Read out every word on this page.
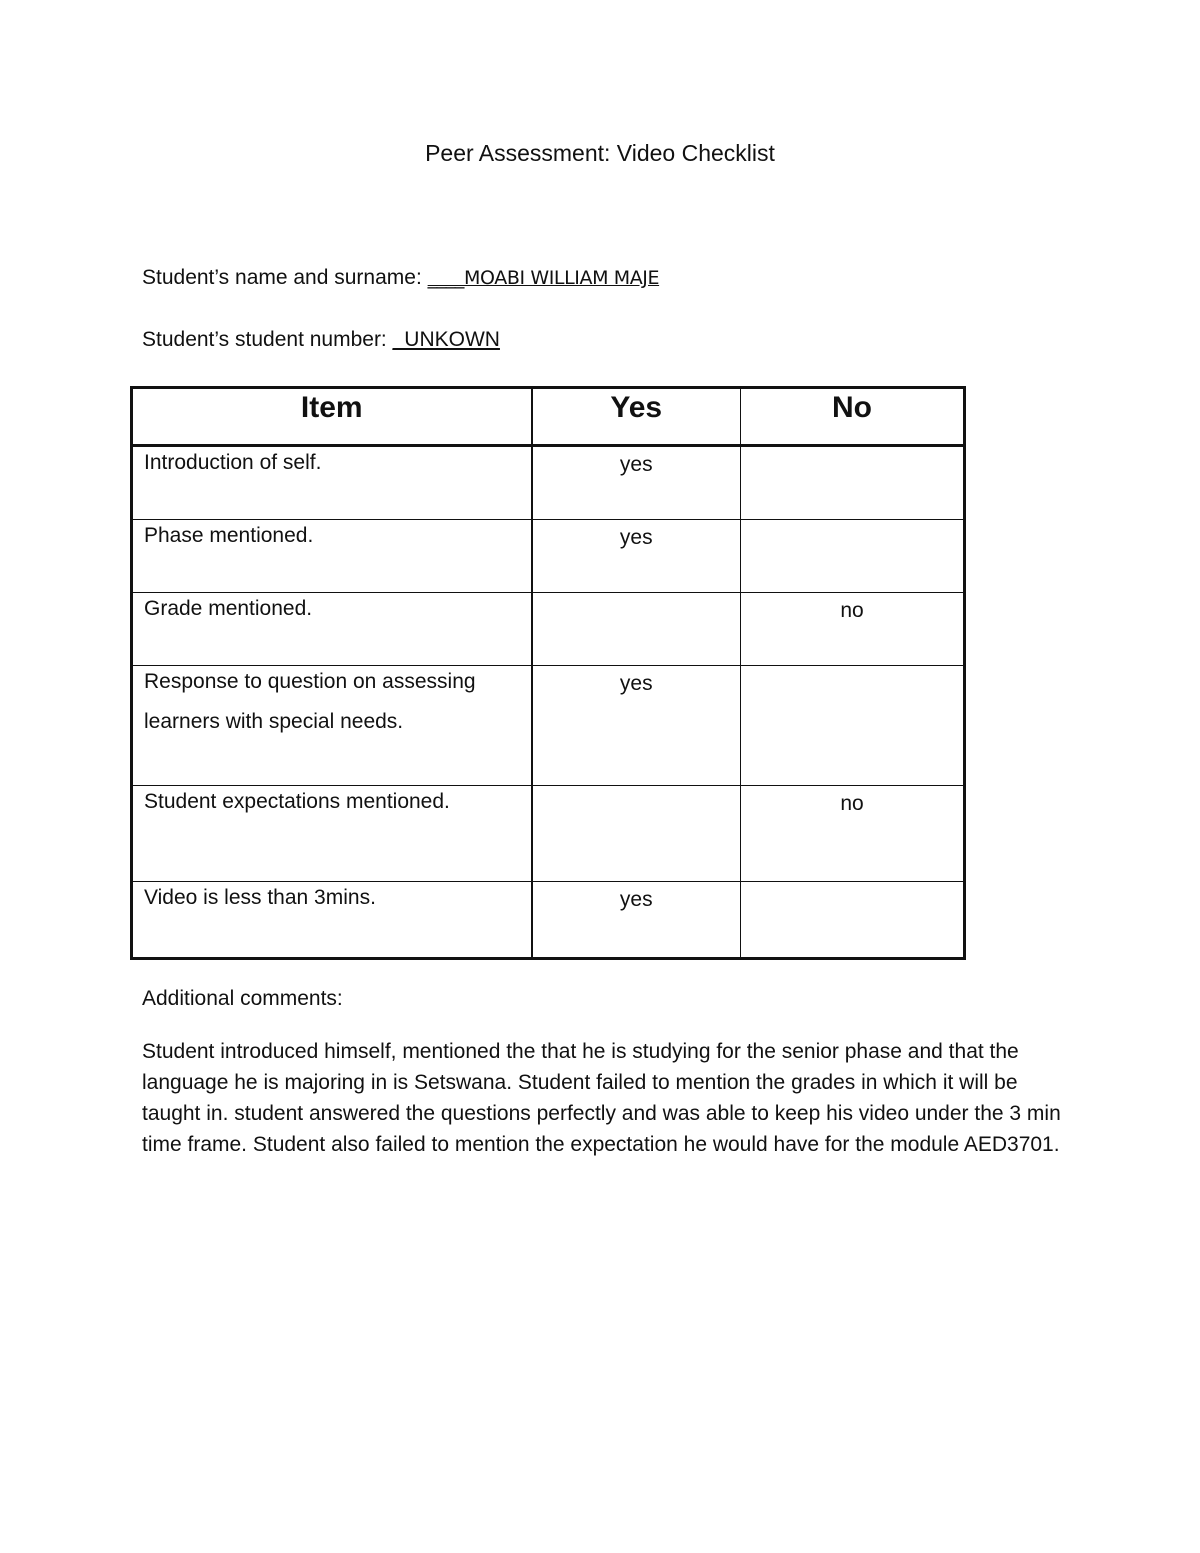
Peer Assessment: Video Checklist
Student’s name and surname: ____MOABI WILLIAM MAJE
Student’s student number: _UNKOWN
Item	Yes	No

Introduction of self.	yes	

Phase mentioned.	yes	

Grade mentioned.		no

Response to question on assessing learners with special needs.	yes	

Student expectations mentioned.		no

Video is less than 3mins.	yes	
Additional comments:
Student introduced himself, mentioned the that he is studying for the senior phase and that the language he is majoring in is Setswana. Student failed to mention the grades in which it will be taught in. student answered the questions perfectly and was able to keep his video under the 3 min time frame. Student also failed to mention the expectation he would have for the module AED3701.
